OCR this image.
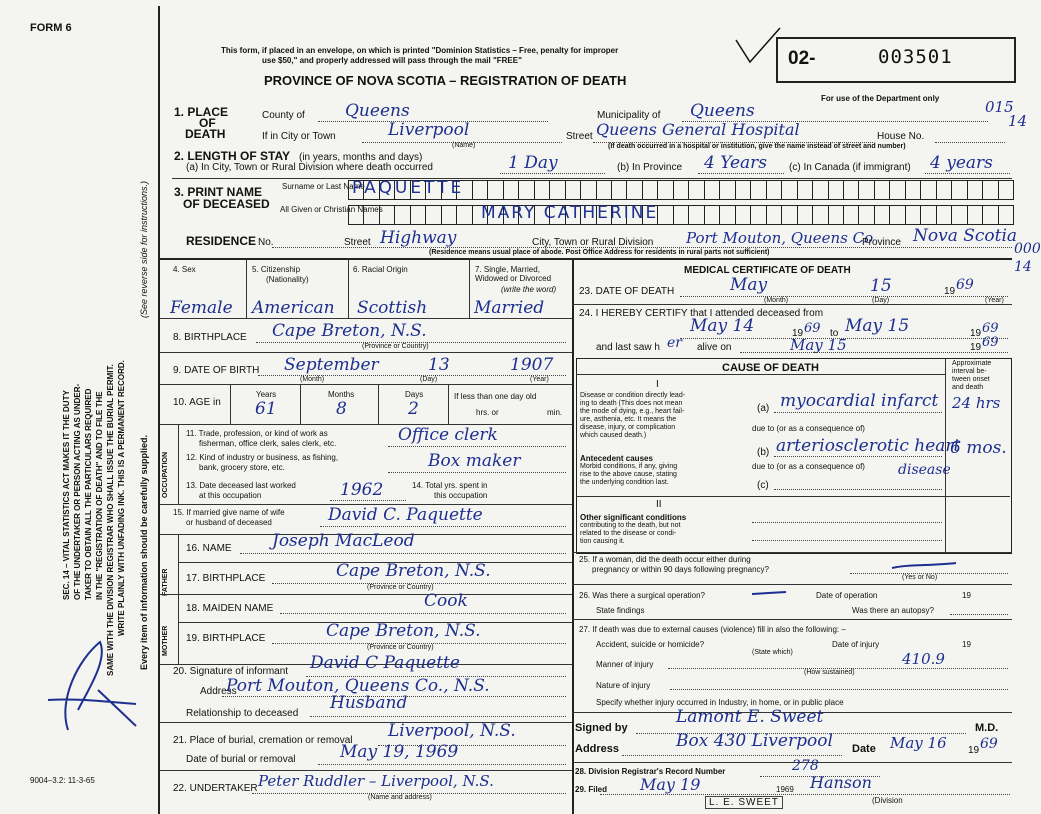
FORM 6
SEC. 14 – VITAL STATISTICS ACT MAKES IT THE DUTY OF THE UNDERTAKER OR PERSON ACTING AS UNDER- TAKER TO OBTAIN ALL THE PARTICULARS REQUIRED IN THE "REGISTRATION OF DEATH" AND TO FILE THE SAME WITH THE DIVISION REGISTRAR WHO SHALL ISSUE THE BURIAL PERMIT. WRITE PLAINLY WITH UNFADING INK. THIS IS A PERMANENT RECORD. Every item of information should be carefully supplied.
(See reverse side for instructions.)
9004–3.2: 11-3-65
This form, if placed in an envelope, on which is printed "Dominion Statistics – Free, penalty for improper
use $50," and properly addressed will pass through the mail "FREE"
PROVINCE OF NOVA SCOTIA – REGISTRATION OF DEATH
02-	003501
For use of the Department only	015
14
000
14
1. PLACE
OF
DEATH
County of Queens	Municipality of Queens
If in City or Town	Liverpool
(Name)
Street Queens General Hospital	House No.
(If death occurred in a hospital or institution, give the name instead of street and number)
2. LENGTH OF STAY (in years, months and days)
(a) In City, Town or Rural Division where death occurred	1 Day	(b) In Province 4 Years (c) In Canada (if immigrant) 4 years
3. PRINT NAME
OF DECEASED
Surname or Last Name
PAQUETTE
All Given or Christian Names	MARY CATHERINE
RESIDENCE No.	Street Highway	City, Town or Rural Division Port Mouton, Queens Co
Province Nova Scotia
(Residence means usual place of abode. Post Office Address for residents in rural parts not sufficient)
4. Sex	5. Citizenship
(Nationality)
6. Racial Origin	7. Single, Married, Widowed or Divorced
(write the word)
Female American Scottish	Married
8. BIRTHPLACE Cape Breton, N.S.
(Province or Country)
9. DATE OF BIRTH September	13	1907
(Month)	(Day)	(Year)
10. AGE in
Years	Months	Days
61	8	2
If less than one day old
hrs. or	min.
OCCUPATION
11. Trade, profession, or kind of work as
fisherman, office clerk, sales clerk, etc.	Office clerk
12. Kind of industry or business, as fishing,
bank, grocery store, etc.	Box maker
13. Date deceased last worked
at this occupation	1962	14. Total yrs. spent in
this occupation
15. If married give name of wife
or husband of deceased	David C. Paquette
FATHER
16. NAME Joseph MacLeod
17. BIRTHPLACE	Cape Breton, N.S.
(Province or Country)
MOTHER
18. MAIDEN NAME	Cook
19. BIRTHPLACE	Cape Breton, N.S.
(Province or Country)
20. Signature of informant David C Paquette
Address
Port Mouton, Queens Co., N.S.
Relationship to deceased
Husband
21. Place of burial, cremation or removal
Date of burial or removal
Liverpool, N.S.
May 19, 1969
22. UNDERTAKER Peter Ruddler – Liverpool, N.S.
(Name and address)
MEDICAL CERTIFICATE OF DEATH
23. DATE OF DEATH	May	15	19 69
(Month)	(Day)	(Year)
24. I HEREBY CERTIFY that I attended deceased from
May 14	19 69 to May 15	19 69
and last saw h er alive on	May 15	19 69
CAUSE OF DEATH	Approximate
interval be-
tween onset
and death
I
Disease or condition directly lead-
ing to death (This does not mean
the mode of dying, e.g., heart fail-
ure, asthenia, etc. It means the
disease, injury, or complication
which caused death.)
(a) myocardial infarct 24 hrs
due to (or as a consequence of)
Antecedent causes
Morbid conditions, if any, giving
rise to the above cause, stating
the underlying condition last.
(b) arteriosclerotic heart
6 mos.
due to (or as a consequence of) disease
(c)
II
Other significant conditions
contributing to the death, but not
related to the disease or condi-
tion causing it.
25. If a woman, did the death occur either during
pregnancy or within 90 days following pregnancy?
(Yes or No)
26. Was there a surgical operation?	Date of operation	19
State findings	Was there an autopsy?
27. If death was due to external causes (violence) fill in also the following: –
Accident, suicide or homicide?	Date of injury	19
(State which)
Manner of injury	410.9
(How sustained)
Nature of injury
Specify whether injury occurred in Industry, in home, or in public place
Signed by
Lamont E. Sweet
M.D.
Address	Box 430 Liverpool Date May 16 19 69
28. Division Registrar's Record Number	278
29. Filed May 19	1969 Hanson
(Division
L. E. SWEET
